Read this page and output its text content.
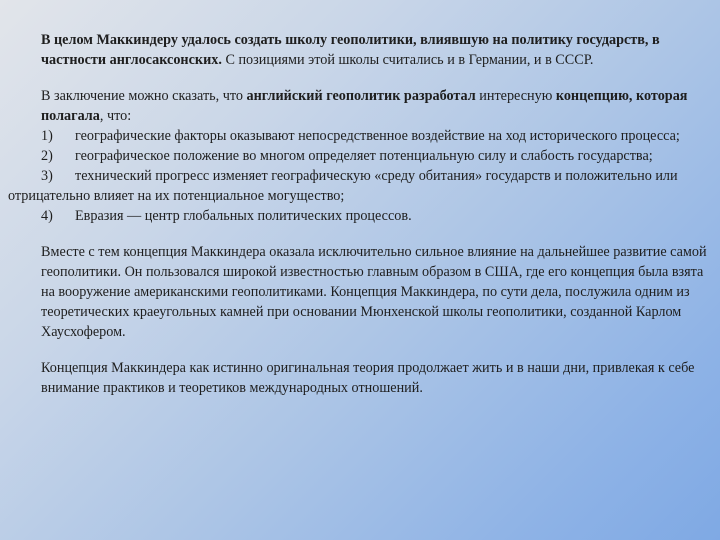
В целом Маккиндеру удалось создать школу геополитики, влиявшую на политику государств, в частности англосаксонских. С позициями этой школы считались и в Германии, и в СССР.

В заключение можно сказать, что английский геополитик разработал интересную концепцию, которая полагала, что:
1) географические факторы оказывают непосредственное воздействие на ход исторического процесса;
2) географическое положение во многом определяет потенциальную силу и слабость государства;
3) технический прогресс изменяет географическую «среду обитания» государств и положительно или отрицательно влияет на их потенциальное могущество;
4) Евразия — центр глобальных политических процессов.

Вместе с тем концепция Маккиндера оказала исключительно сильное влияние на дальнейшее развитие самой геополитики. Он пользовался широкой известностью главным образом в США, где его концепция была взята на вооружение американскими геополитиками. Концепция Маккиндера, по сути дела, послужила одним из теоретических краеугольных камней при основании Мюнхенской школы геополитики, созданной Карлом Хаусхофером.

Концепция Маккиндера как истинно оригинальная теория продолжает жить и в наши дни, привлекая к себе внимание практиков и теоретиков международных отношений.
